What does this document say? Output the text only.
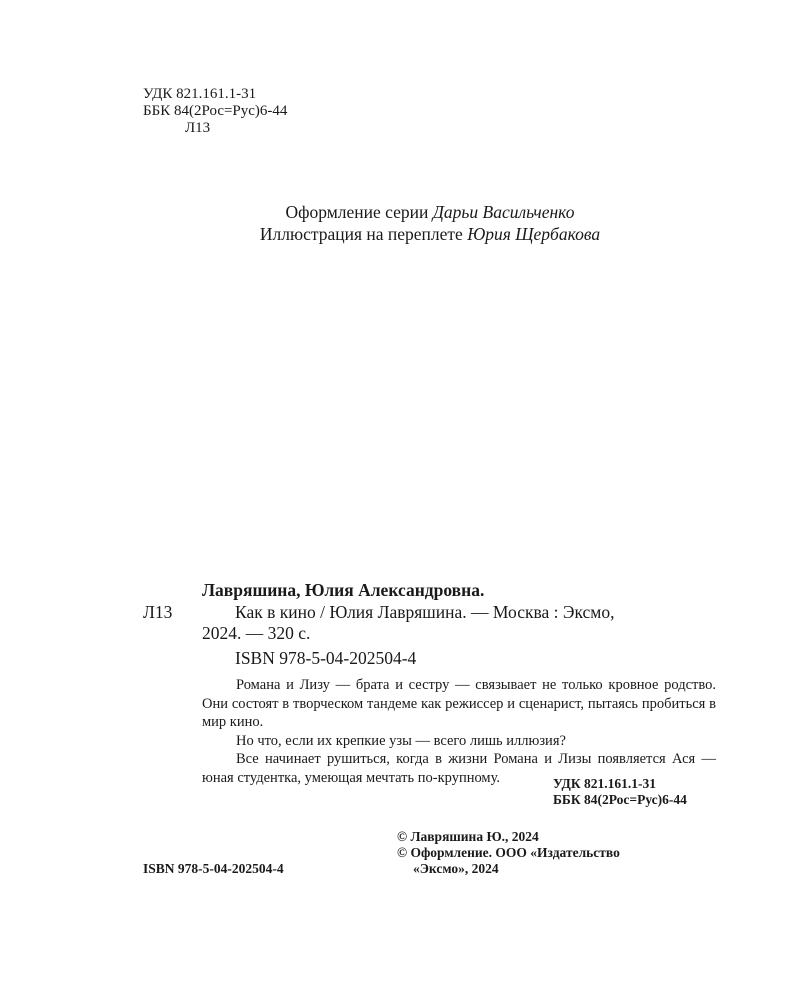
УДК 821.161.1-31
ББК 84(2Рос=Рус)6-44
Л13
Оформление серии Дарьи Васильченко
Иллюстрация на переплете Юрия Щербакова
Лавряшина, Юлия Александровна.
Л13	Как в кино / Юлия Лавряшина. — Москва : Эксмо,
2024. — 320 с.
ISBN 978-5-04-202504-4

Романа и Лизу — брата и сестру — связывает не только кровное родство. Они состоят в творческом тандеме как режиссер и сценарист, пытаясь пробиться в мир кино.

Но что, если их крепкие узы — всего лишь иллюзия?

Все начинает рушиться, когда в жизни Романа и Лизы появляется Ася — юная студентка, умеющая мечтать по-крупному.	УДК 821.161.1-31
ББК 84(2Рос=Рус)6-44
ISBN 978-5-04-202504-4
© Лавряшина Ю., 2024
© Оформление. ООО «Издательство
«Эксмо», 2024
